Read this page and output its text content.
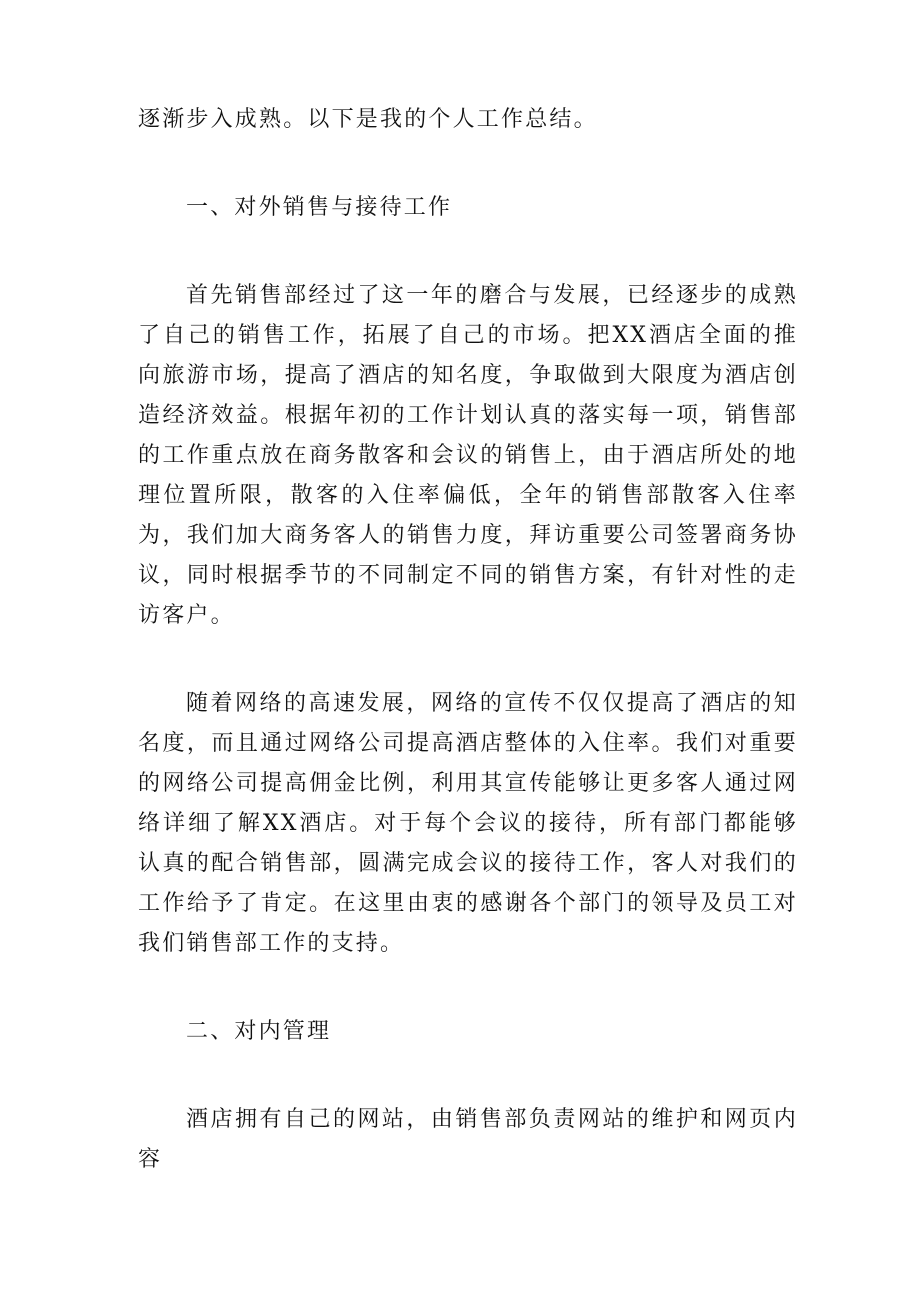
逐渐步入成熟。以下是我的个人工作总结。

一、对外销售与接待工作

首先销售部经过了这一年的磨合与发展，已经逐步的成熟了自己的销售工作，拓展了自己的市场。把XX酒店全面的推向旅游市场，提高了酒店的知名度，争取做到大限度为酒店创造经济效益。根据年初的工作计划认真的落实每一项，销售部的工作重点放在商务散客和会议的销售上，由于酒店所处的地理位置所限，散客的入住率偏低，全年的销售部散客入住率为，我们加大商务客人的销售力度，拜访重要公司签署商务协议，同时根据季节的不同制定不同的销售方案，有针对性的走访客户。

随着网络的高速发展，网络的宣传不仅仅提高了酒店的知名度，而且通过网络公司提高酒店整体的入住率。我们对重要的网络公司提高佣金比例，利用其宣传能够让更多客人通过网络详细了解XX酒店。对于每个会议的接待，所有部门都能够认真的配合销售部，圆满完成会议的接待工作，客人对我们的工作给予了肯定。在这里由衷的感谢各个部门的领导及员工对我们销售部工作的支持。

二、对内管理

酒店拥有自己的网站，由销售部负责网站的维护和网页内容
